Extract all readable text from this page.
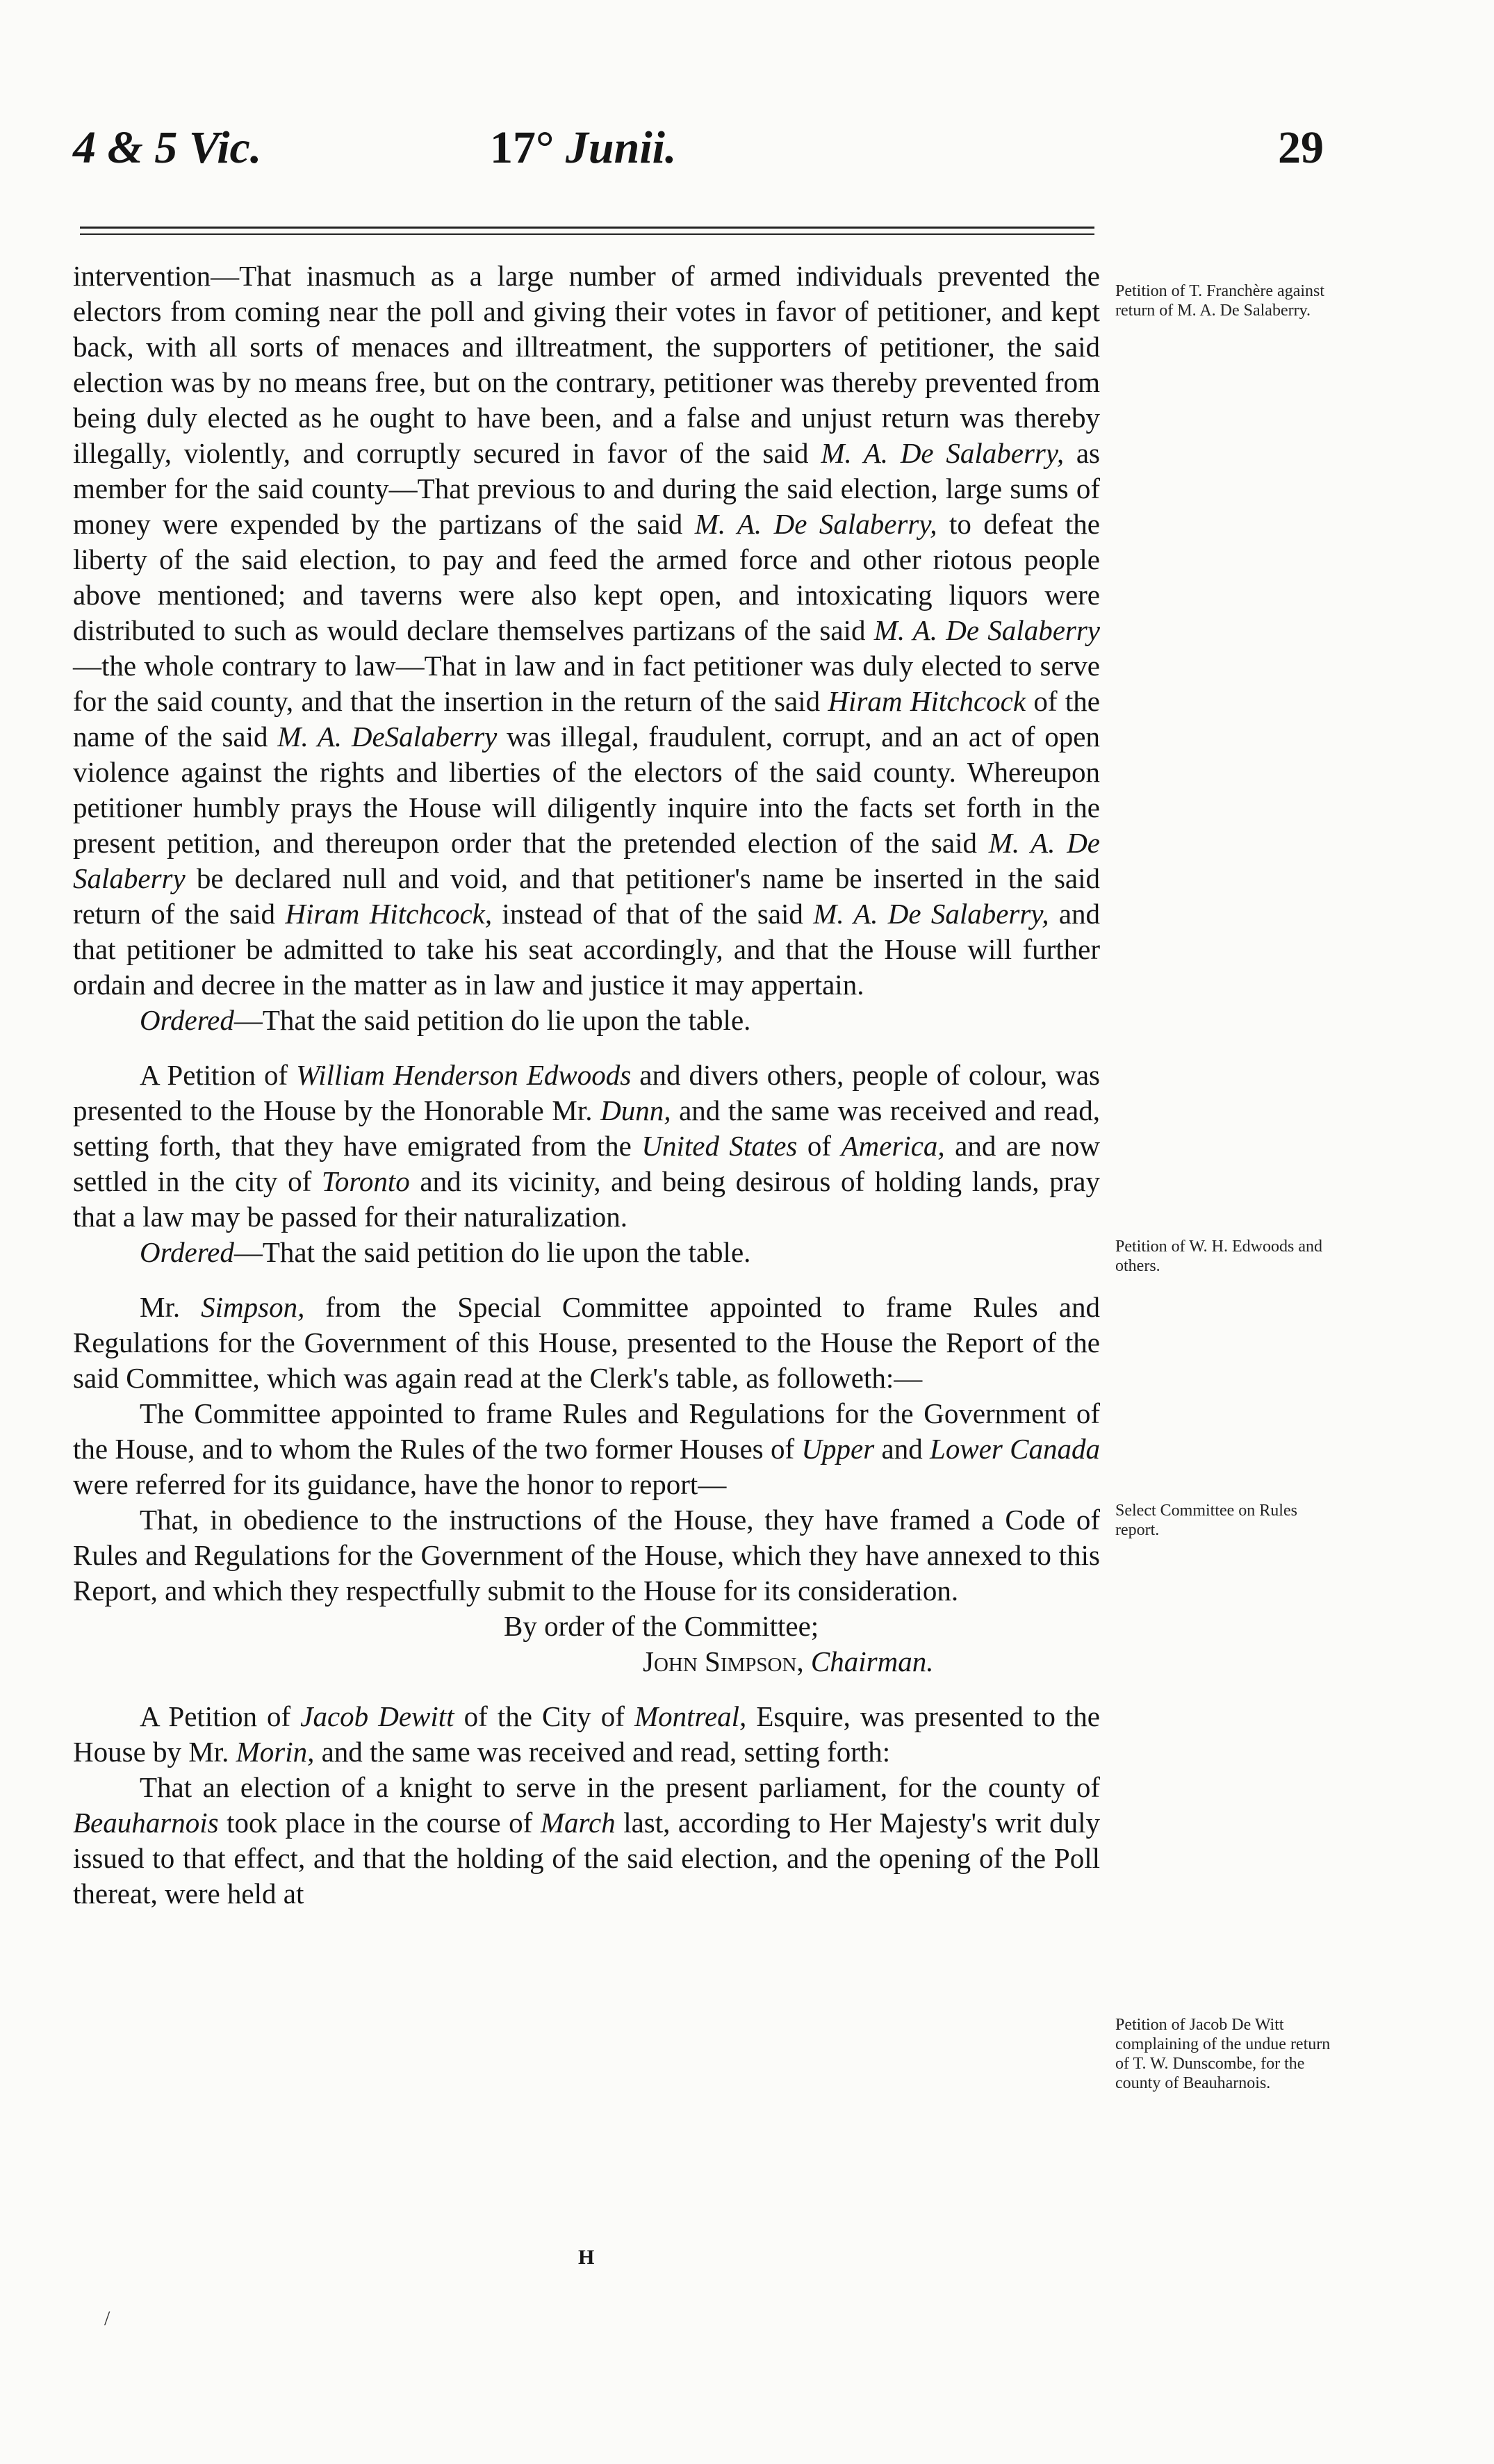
4 & 5 Vic.	17° Junii.	29
Petition of T. Franchère against return of M. A. De Salaberry.
Petition of W. H. Edwoods and others.
Select Committee on Rules report.
Petition of Jacob De Witt complaining of the undue return of T. W. Dunscombe, for the county of Beauharnois.

intervention—That inasmuch as a large number of armed individuals prevented the electors from coming near the poll and giving their votes in favor of petitioner, and kept back, with all sorts of menaces and illtreatment, the supporters of petitioner, the said election was by no means free, but on the contrary, petitioner was thereby prevented from being duly elected as he ought to have been, and a false and unjust return was thereby illegally, violently, and corruptly secured in favor of the said M. A. De Salaberry, as member for the said county—That previous to and during the said election, large sums of money were expended by the partizans of the said M. A. De Salaberry, to defeat the liberty of the said election, to pay and feed the armed force and other riotous people above mentioned; and taverns were also kept open, and intoxicating liquors were distributed to such as would declare themselves partizans of the said M. A. De Salaberry—the whole contrary to law—That in law and in fact petitioner was duly elected to serve for the said county, and that the insertion in the return of the said Hiram Hitchcock of the name of the said M. A. DeSalaberry was illegal, fraudulent, corrupt, and an act of open violence against the rights and liberties of the electors of the said county. Whereupon petitioner humbly prays the House will diligently inquire into the facts set forth in the present petition, and thereupon order that the pretended election of the said M. A. De Salaberry be declared null and void, and that petitioner's name be inserted in the said return of the said Hiram Hitchcock, instead of that of the said M. A. De Salaberry, and that petitioner be admitted to take his seat accordingly, and that the House will further ordain and decree in the matter as in law and justice it may appertain.

Ordered—That the said petition do lie upon the table.

A Petition of William Henderson Edwoods and divers others, people of colour, was presented to the House by the Honorable Mr. Dunn, and the same was received and read, setting forth, that they have emigrated from the United States of America, and are now settled in the city of Toronto and its vicinity, and being desirous of holding lands, pray that a law may be passed for their naturalization.

Ordered—That the said petition do lie upon the table.

Mr. Simpson, from the Special Committee appointed to frame Rules and Regulations for the Government of this House, presented to the House the Report of the said Committee, which was again read at the Clerk's table, as followeth:—

The Committee appointed to frame Rules and Regulations for the Government of the House, and to whom the Rules of the two former Houses of Upper and Lower Canada were referred for its guidance, have the honor to report—

That, in obedience to the instructions of the House, they have framed a Code of Rules and Regulations for the Government of the House, which they have annexed to this Report, and which they respectfully submit to the House for its consideration.

By order of the Committee;

John Simpson, Chairman.

A Petition of Jacob Dewitt of the City of Montreal, Esquire, was presented to the House by Mr. Morin, and the same was received and read, setting forth:

That an election of a knight to serve in the present parliament, for the county of Beauharnois took place in the course of March last, according to Her Majesty's writ duly issued to that effect, and that the holding of the said election, and the opening of the Poll thereat, were held at

H
/
